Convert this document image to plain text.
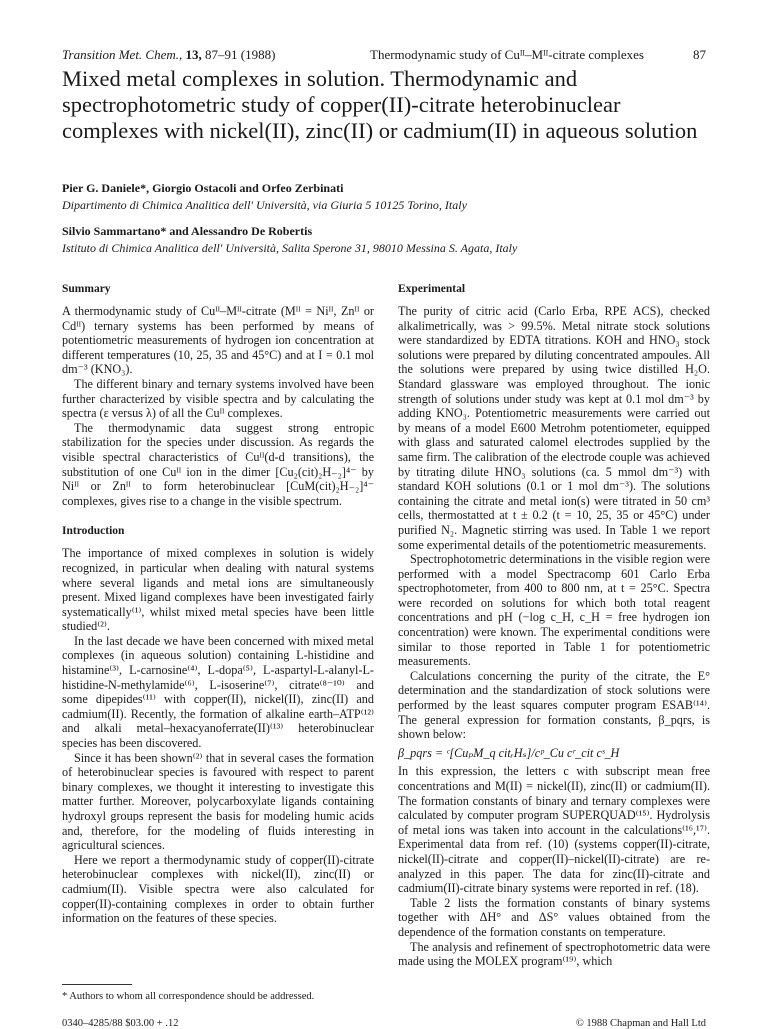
Transition Met. Chem., 13, 87–91 (1988)	Thermodynamic study of Cuᴵᴵ–Mᴵᴵ-citrate complexes	87
Mixed metal complexes in solution. Thermodynamic and spectrophotometric study of copper(II)-citrate heterobinuclear complexes with nickel(II), zinc(II) or cadmium(II) in aqueous solution
Pier G. Daniele*, Giorgio Ostacoli and Orfeo Zerbinati
Dipartimento di Chimica Analitica dell' Università, via Giuria 5 10125 Torino, Italy
Silvio Sammartano* and Alessandro De Robertis
Istituto di Chimica Analitica dell' Università, Salita Sperone 31, 98010 Messina S. Agata, Italy
Summary

A thermodynamic study of Cuᴵᴵ–Mᴵᴵ-citrate (Mᴵᴵ = Niᴵᴵ, Znᴵᴵ or Cdᴵᴵ) ternary systems has been performed by means of potentiometric measurements of hydrogen ion concentration at different temperatures (10, 25, 35 and 45°C) and at I = 0.1 mol dm⁻³ (KNO₃).

The different binary and ternary systems involved have been further characterized by visible spectra and by calculating the spectra (ε versus λ) of all the Cuᴵᴵ complexes.

The thermodynamic data suggest strong entropic stabilization for the species under discussion. As regards the visible spectral characteristics of Cuᴵᴵ(d-d transitions), the substitution of one Cuᴵᴵ ion in the dimer [Cu₂(cit)₂H₋₂]⁴⁻ by Niᴵᴵ or Znᴵᴵ to form heterobinuclear [CuM(cit)₂H₋₂]⁴⁻ complexes, gives rise to a change in the visible spectrum.

Introduction

The importance of mixed complexes in solution is widely recognized, in particular when dealing with natural systems where several ligands and metal ions are simultaneously present. Mixed ligand complexes have been investigated fairly systematically⁽¹⁾, whilst mixed metal species have been little studied⁽²⁾.

In the last decade we have been concerned with mixed metal complexes (in aqueous solution) containing L-histidine and histamine⁽³⁾, L-carnosine⁽⁴⁾, L-dopa⁽⁵⁾, L-aspartyl-L-alanyl-L-histidine-N-methylamide⁽⁶⁾, L-isoserine⁽⁷⁾, citrate⁽⁸⁻¹⁰⁾ and some dipepides⁽¹¹⁾ with copper(II), nickel(II), zinc(II) and cadmium(II). Recently, the formation of alkaline earth–ATP⁽¹²⁾ and alkali metal–hexacyanoferrate(II)⁽¹³⁾ heterobinuclear species has been discovered.

Since it has been shown⁽²⁾ that in several cases the formation of heterobinuclear species is favoured with respect to parent binary complexes, we thought it interesting to investigate this matter further. Moreover, polycarboxylate ligands containing hydroxyl groups represent the basis for modeling humic acids and, therefore, for the modeling of fluids interesting in agricultural sciences.

Here we report a thermodynamic study of copper(II)-citrate heterobinuclear complexes with nickel(II), zinc(II) or cadmium(II). Visible spectra were also calculated for copper(II)-containing complexes in order to obtain further information on the features of these species.

Experimental

The purity of citric acid (Carlo Erba, RPE ACS), checked alkalimetrically, was > 99.5%. Metal nitrate stock solutions were standardized by EDTA titrations. KOH and HNO₃ stock solutions were prepared by diluting concentrated ampoules. All the solutions were prepared by using twice distilled H₂O. Standard glassware was employed throughout. The ionic strength of solutions under study was kept at 0.1 mol dm⁻³ by adding KNO₃. Potentiometric measurements were carried out by means of a model E600 Metrohm potentiometer, equipped with glass and saturated calomel electrodes supplied by the same firm. The calibration of the electrode couple was achieved by titrating dilute HNO₃ solutions (ca. 5 mmol dm⁻³) with standard KOH solutions (0.1 or 1 mol dm⁻³). The solutions containing the citrate and metal ion(s) were titrated in 50 cm³ cells, thermostatted at t ± 0.2 (t = 10, 25, 35 or 45°C) under purified N₂. Magnetic stirring was used. In Table 1 we report some experimental details of the potentiometric measurements.

Spectrophotometric determinations in the visible region were performed with a model Spectracomp 601 Carlo Erba spectrophotometer, from 400 to 800 nm, at t = 25°C. Spectra were recorded on solutions for which both total reagent concentrations and pH (−log c_H, c_H = free hydrogen ion concentration) were known. The experimental conditions were similar to those reported in Table 1 for potentiometric measurements.

Calculations concerning the purity of the citrate, the E° determination and the standardization of stock solutions were performed by the least squares computer program ESAB⁽¹⁴⁾. The general expression for formation constants, β_pqrs, is shown below:

β_pqrs = ᶜ[CuₚM_q citᵣHₛ]/cᵖ_Cu cʳ_cit cˢ_H

In this expression, the letters c with subscript mean free concentrations and M(II) = nickel(II), zinc(II) or cadmium(II). The formation constants of binary and ternary complexes were calculated by computer program SUPERQUAD⁽¹⁵⁾. Hydrolysis of metal ions was taken into account in the calculations⁽¹⁶,¹⁷⁾. Experimental data from ref. (10) (systems copper(II)-citrate, nickel(II)-citrate and copper(II)–nickel(II)-citrate) are re-analyzed in this paper. The data for zinc(II)-citrate and cadmium(II)-citrate binary systems were reported in ref. (18).

Table 2 lists the formation constants of binary systems together with ΔH° and ΔS° values obtained from the dependence of the formation constants on temperature.

The analysis and refinement of spectrophotometric data were made using the MOLEX program⁽¹⁹⁾, which

* Authors to whom all correspondence should be addressed.
0340–4285/88 $03.00 + .12	© 1988 Chapman and Hall Ltd
